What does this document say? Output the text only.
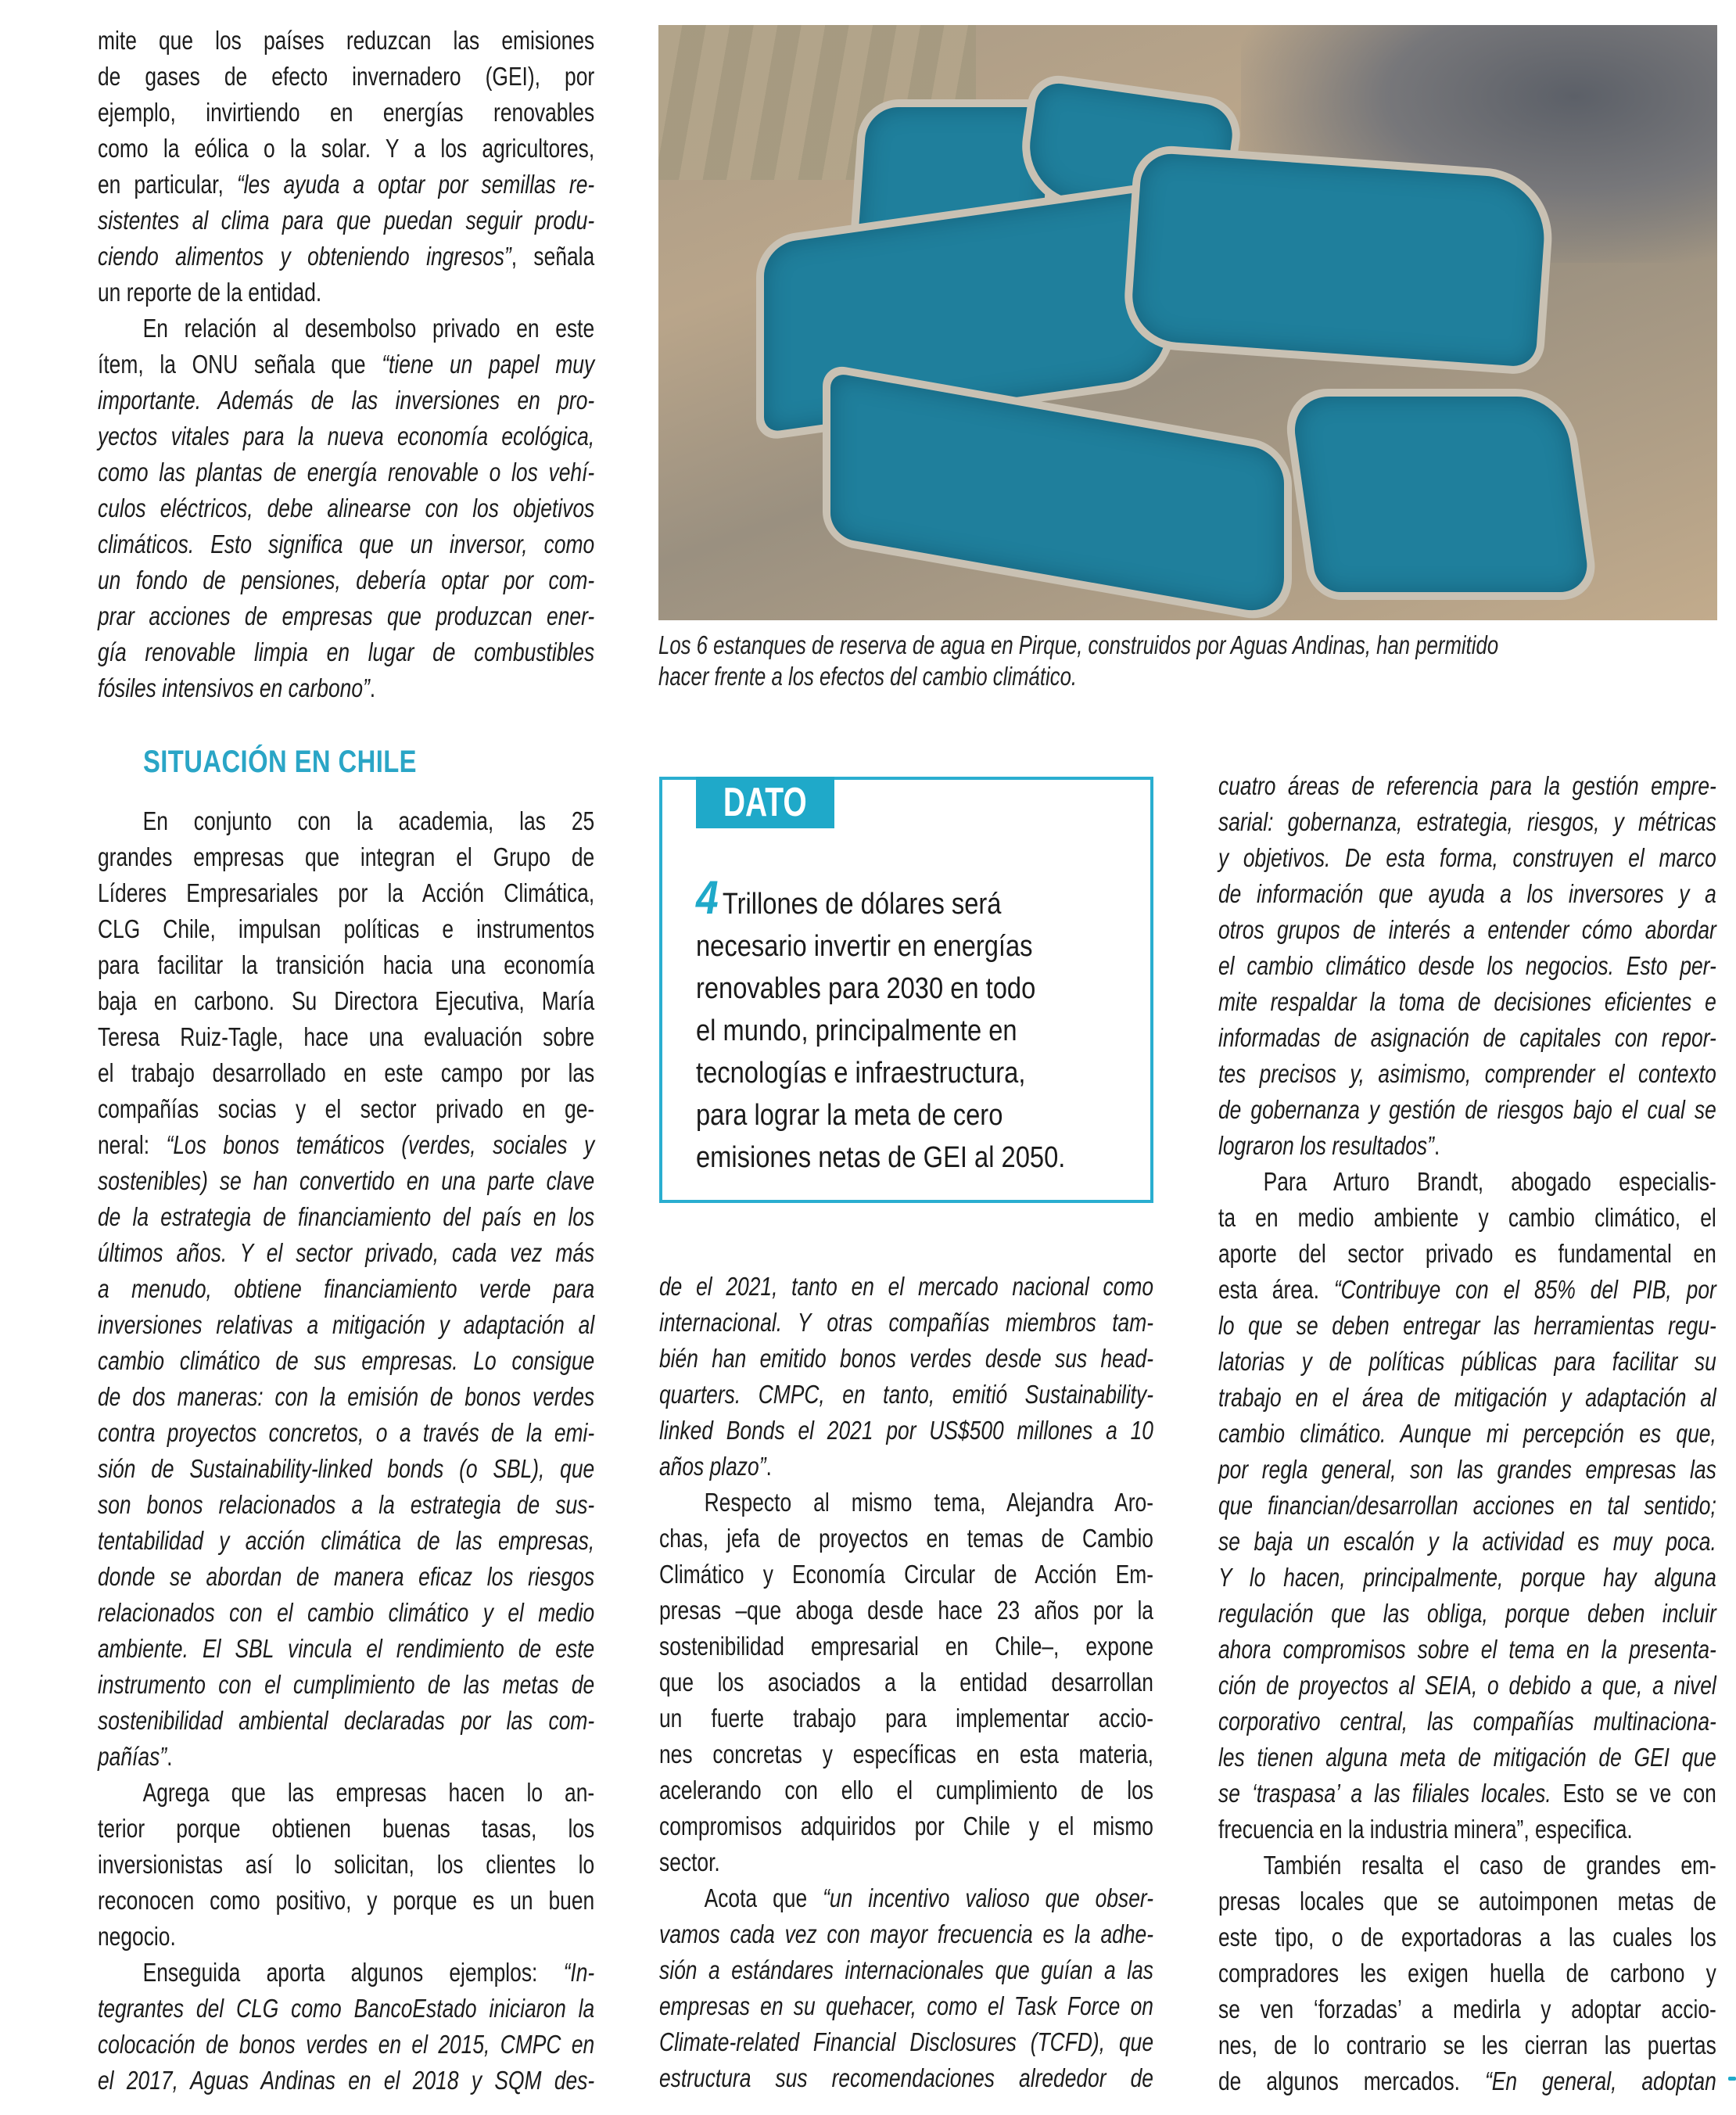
mite que los países reduzcan las emisiones
de gases de efecto invernadero (GEI), por
ejemplo, invirtiendo en energías renovables
como la eólica o la solar. Y a los agricultores,
en particular, “les ayuda a optar por semillas re-
sistentes al clima para que puedan seguir produ-
ciendo alimentos y obteniendo ingresos”, señala
un reporte de la entidad.
En relación al desembolso privado en este
ítem, la ONU señala que “tiene un papel muy
importante. Además de las inversiones en pro-
yectos vitales para la nueva economía ecológica,
como las plantas de energía renovable o los vehí-
culos eléctricos, debe alinearse con los objetivos
climáticos. Esto significa que un inversor, como
un fondo de pensiones, debería optar por com-
prar acciones de empresas que produzcan ener-
gía renovable limpia en lugar de combustibles
fósiles intensivos en carbono”.
SITUACIÓN EN CHILE
En conjunto con la academia, las 25
grandes empresas que integran el Grupo de
Líderes Empresariales por la Acción Climática,
CLG Chile, impulsan políticas e instrumentos
para facilitar la transición hacia una economía
baja en carbono. Su Directora Ejecutiva, María
Teresa Ruiz-Tagle, hace una evaluación sobre
el trabajo desarrollado en este campo por las
compañías socias y el sector privado en ge-
neral: “Los bonos temáticos (verdes, sociales y
sostenibles) se han convertido en una parte clave
de la estrategia de financiamiento del país en los
últimos años. Y el sector privado, cada vez más
a menudo, obtiene financiamiento verde para
inversiones relativas a mitigación y adaptación al
cambio climático de sus empresas. Lo consigue
de dos maneras: con la emisión de bonos verdes
contra proyectos concretos, o a través de la emi-
sión de Sustainability-linked bonds (o SBL), que
son bonos relacionados a la estrategia de sus-
tentabilidad y acción climática de las empresas,
donde se abordan de manera eficaz los riesgos
relacionados con el cambio climático y el medio
ambiente. El SBL vincula el rendimiento de este
instrumento con el cumplimiento de las metas de
sostenibilidad ambiental declaradas por las com-
pañías”.
Agrega que las empresas hacen lo an-
terior porque obtienen buenas tasas, los
inversionistas así lo solicitan, los clientes lo
reconocen como positivo, y porque es un buen
negocio.
Enseguida aporta algunos ejemplos: “In-
tegrantes del CLG como BancoEstado iniciaron la
colocación de bonos verdes en el 2015, CMPC en
el 2017, Aguas Andinas en el 2018 y SQM des-
Los 6 estanques de reserva de agua en Pirque, construidos por Aguas Andinas, han permitido
hacer frente a los efectos del cambio climático.
DATO
4 Trillones de dólares será
necesario invertir en energías
renovables para 2030 en todo
el mundo, principalmente en
tecnologías e infraestructura,
para lograr la meta de cero
emisiones netas de GEI al 2050.
de el 2021, tanto en el mercado nacional como
internacional. Y otras compañías miembros tam-
bién han emitido bonos verdes desde sus head-
quarters. CMPC, en tanto, emitió Sustainability-
linked Bonds el 2021 por US$500 millones a 10
años plazo”.
Respecto al mismo tema, Alejandra Aro-
chas, jefa de proyectos en temas de Cambio
Climático y Economía Circular de Acción Em-
presas –que aboga desde hace 23 años por la
sostenibilidad empresarial en Chile–, expone
que los asociados a la entidad desarrollan
un fuerte trabajo para implementar accio-
nes concretas y específicas en esta materia,
acelerando con ello el cumplimiento de los
compromisos adquiridos por Chile y el mismo
sector.
Acota que “un incentivo valioso que obser-
vamos cada vez con mayor frecuencia es la adhe-
sión a estándares internacionales que guían a las
empresas en su quehacer, como el Task Force on
Climate-related Financial Disclosures (TCFD), que
estructura sus recomendaciones alrededor de
cuatro áreas de referencia para la gestión empre-
sarial: gobernanza, estrategia, riesgos, y métricas
y objetivos. De esta forma, construyen el marco
de información que ayuda a los inversores y a
otros grupos de interés a entender cómo abordar
el cambio climático desde los negocios. Esto per-
mite respaldar la toma de decisiones eficientes e
informadas de asignación de capitales con repor-
tes precisos y, asimismo, comprender el contexto
de gobernanza y gestión de riesgos bajo el cual se
lograron los resultados”.
Para Arturo Brandt, abogado especialis-
ta en medio ambiente y cambio climático, el
aporte del sector privado es fundamental en
esta área. “Contribuye con el 85% del PIB, por
lo que se deben entregar las herramientas regu-
latorias y de políticas públicas para facilitar su
trabajo en el área de mitigación y adaptación al
cambio climático. Aunque mi percepción es que,
por regla general, son las grandes empresas las
que financian/desarrollan acciones en tal sentido;
se baja un escalón y la actividad es muy poca.
Y lo hacen, principalmente, porque hay alguna
regulación que las obliga, porque deben incluir
ahora compromisos sobre el tema en la presenta-
ción de proyectos al SEIA, o debido a que, a nivel
corporativo central, las compañías multinaciona-
les tienen alguna meta de mitigación de GEI que
se ‘traspasa’ a las filiales locales. Esto se ve con
frecuencia en la industria minera”, especifica.
También resalta el caso de grandes em-
presas locales que se autoimponen metas de
este tipo, o de exportadoras a las cuales los
compradores les exigen huella de carbono y
se ven ‘forzadas’ a medirla y adoptar accio-
nes, de lo contrario se les cierran las puertas
de algunos mercados. “En general, adoptan
